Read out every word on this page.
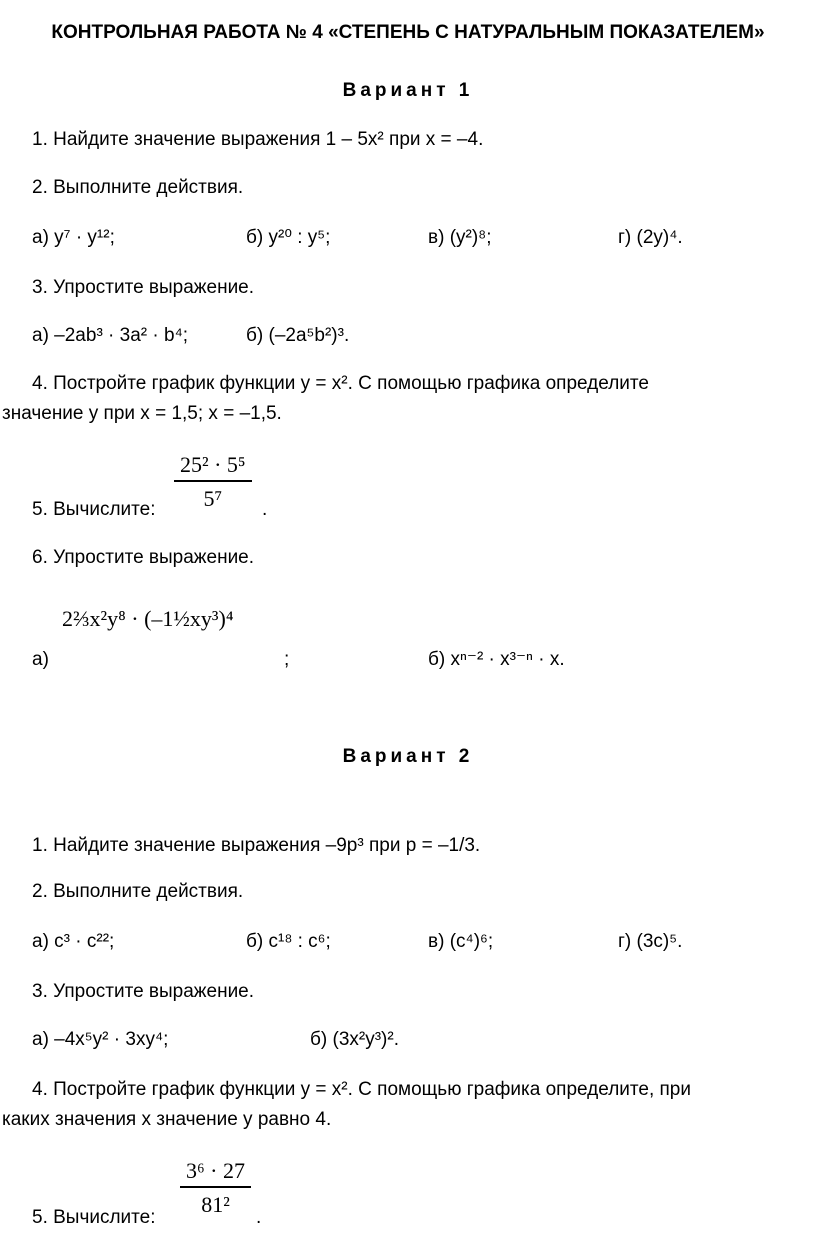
КОНТРОЛЬНАЯ РАБОТА № 4 «СТЕПЕНЬ С НАТУРАЛЬНЫМ ПОКАЗАТЕЛЕМ»
Вариант 1
1. Найдите значение выражения 1 – 5x² при x = –4.
2. Выполните действия.
а) y⁷ · y¹²;	б) y²⁰ : y⁵;	в) (y²)⁸;	г) (2y)⁴.
3. Упростите выражение.
а) –2ab³ · 3a² · b⁴;	б) (–2a⁵b²)³.
4. Постройте график функции y = x². С помощью графика определите
значение y при x = 1,5; x = –1,5.
5. Вычислите:
25² · 5⁵
5⁷	.
6. Упростите выражение.
а)
2⅔x²y⁸ · (–1½xy³)⁴
;	б) xⁿ⁻² · x³⁻ⁿ · x.
Вариант 2
1. Найдите значение выражения –9p³ при p = –1/3.
2. Выполните действия.
а) c³ · c²²;	б) c¹⁸ : c⁶;	в) (c⁴)⁶;	г) (3c)⁵.
3. Упростите выражение.
а) –4x⁵y² · 3xy⁴;	б) (3x²y³)².
4. Постройте график функции y = x². С помощью графика определите, при
каких значения x значение y равно 4.
5. Вычислите:
3⁶ · 27
81²
.
